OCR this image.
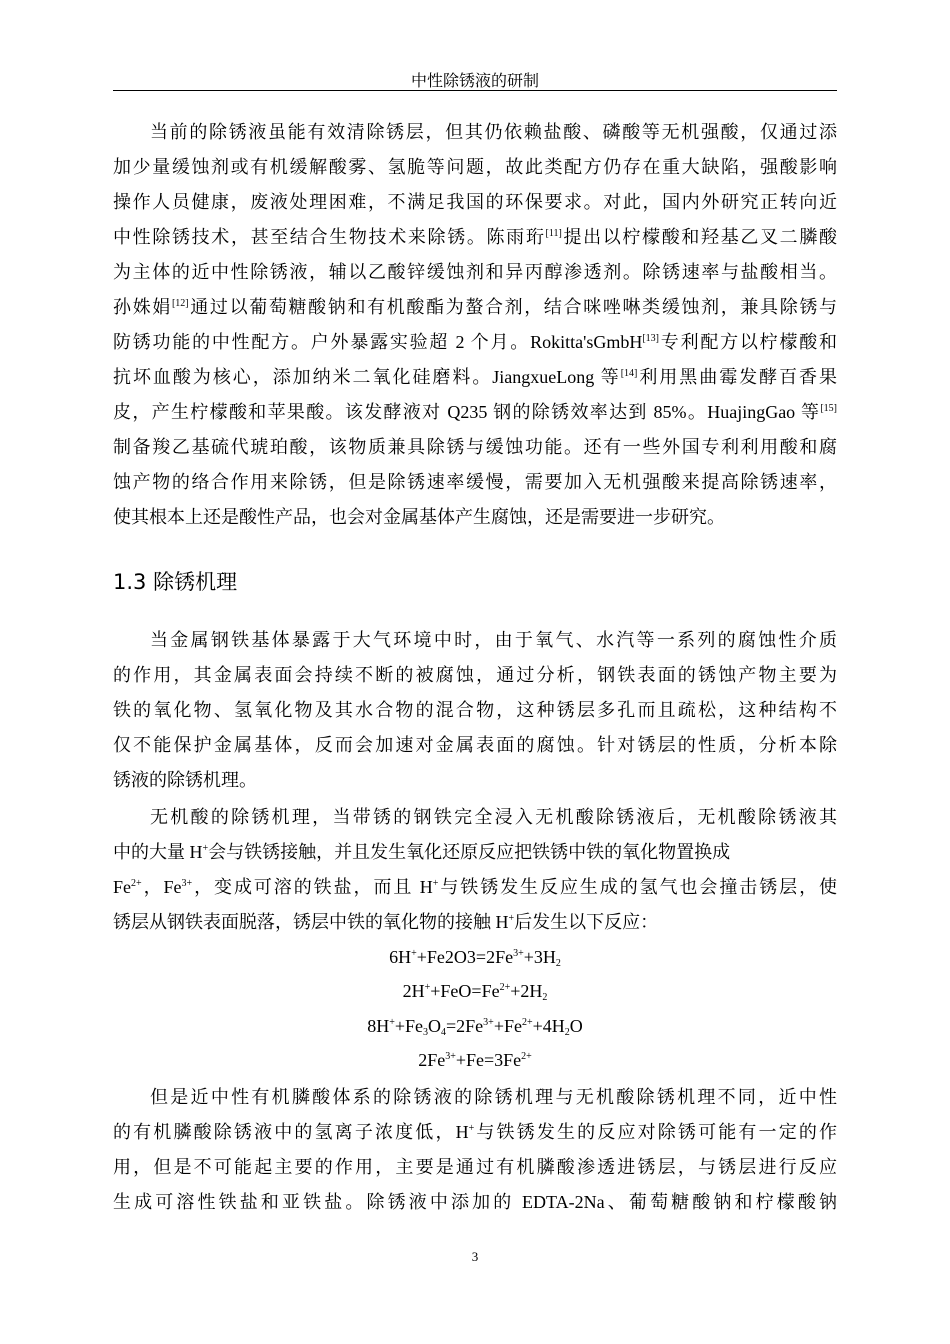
中性除锈液的研制
1.3 除锈机理
当前的除锈液虽能有效清除锈层，但其仍依赖盐酸、磷酸等无机强酸，仅通过添
加少量缓蚀剂或有机缓解酸雾、氢脆等问题，故此类配方仍存在重大缺陷，强酸影响
操作人员健康，废液处理困难，不满足我国的环保要求。对此，国内外研究正转向近
中性除锈技术，甚至结合生物技术来除锈。陈雨珩[11]提出以柠檬酸和羟基乙叉二膦酸
为主体的近中性除锈液，辅以乙酸锌缓蚀剂和异丙醇渗透剂。除锈速率与盐酸相当。
孙姝娟[12]通过以葡萄糖酸钠和有机酸酯为螯合剂，结合咪唑啉类缓蚀剂，兼具除锈与
防锈功能的中性配方。户外暴露实验超 2 个月。Rokitta'sGmbH[13]专利配方以柠檬酸和
抗坏血酸为核心，添加纳米二氧化硅磨料。JiangxueLong 等[14]利用黑曲霉发酵百香果
皮，产生柠檬酸和苹果酸。该发酵液对 Q235 钢的除锈效率达到 85%。HuajingGao 等[15]
制备羧乙基硫代琥珀酸，该物质兼具除锈与缓蚀功能。还有一些外国专利利用酸和腐
蚀产物的络合作用来除锈，但是除锈速率缓慢，需要加入无机强酸来提高除锈速率，
使其根本上还是酸性产品，也会对金属基体产生腐蚀，还是需要进一步研究。
当金属钢铁基体暴露于大气环境中时，由于氧气、水汽等一系列的腐蚀性介质
的作用，其金属表面会持续不断的被腐蚀，通过分析，钢铁表面的锈蚀产物主要为
铁的氧化物、氢氧化物及其水合物的混合物，这种锈层多孔而且疏松，这种结构不
仅不能保护金属基体，反而会加速对金属表面的腐蚀。针对锈层的性质，分析本除
锈液的除锈机理。
无机酸的除锈机理，当带锈的钢铁完全浸入无机酸除锈液后，无机酸除锈液其
中的大量 H+会与铁锈接触，并且发生氧化还原反应把铁锈中铁的氧化物置换成
$Fe^{2+}$，$Fe^{3+}$，变成可溶的铁盐，而且 H+与铁锈发生反应生成的氢气也会撞击锈层，使
锈层从钢铁表面脱落，锈层中铁的氧化物的接触 H+后发生以下反应：
$6H^++Fe2O3=2Fe^{3+}+3H_2$
$2H^++FeO=Fe^{2+}+2H_2$
$8H^++Fe_3O_4=2Fe^{3+}+Fe^{2+}+4H_2O$
$2Fe^{3+}+Fe=3Fe^{2+}$
但是近中性有机膦酸体系的除锈液的除锈机理与无机酸除锈机理不同，近中性
的有机膦酸除锈液中的氢离子浓度低，H+与铁锈发生的反应对除锈可能有一定的作
用，但是不可能起主要的作用，主要是通过有机膦酸渗透进锈层，与锈层进行反应
生成可溶性铁盐和亚铁盐。除锈液中添加的 EDTA-2Na、葡萄糖酸钠和柠檬酸钠
3
